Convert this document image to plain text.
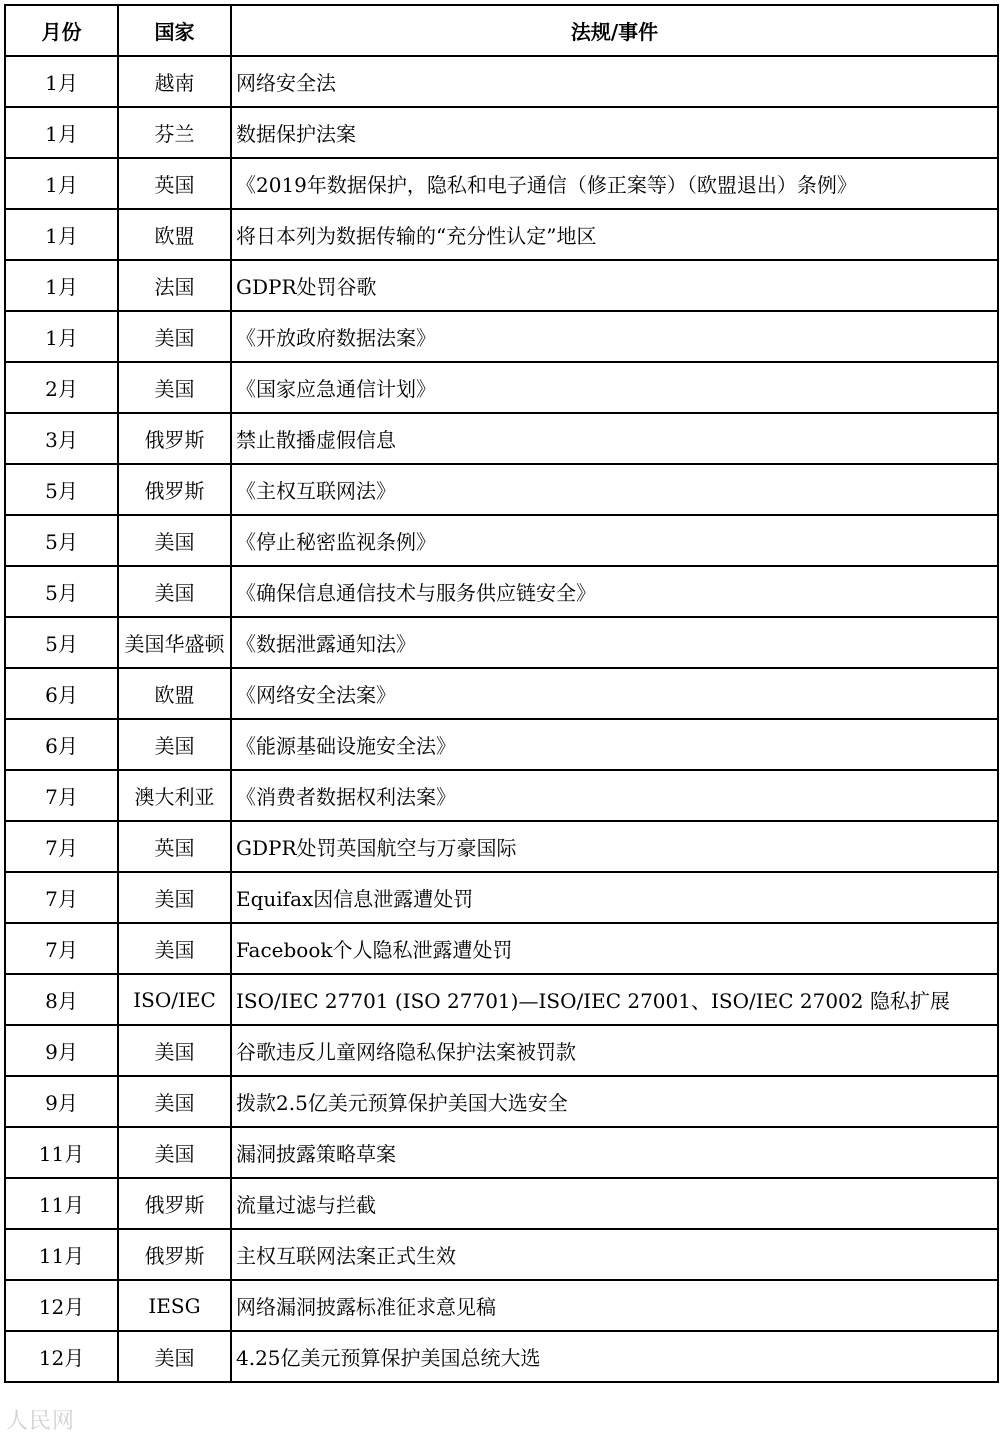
月份	国家	法规/事件
1月	越南	网络安全法
1月	芬兰	数据保护法案
1月	英国	《2019年数据保护，隐私和电子通信（修正案等）（欧盟退出）条例》
1月	欧盟	将日本列为数据传输的“充分性认定”地区
1月	法国	GDPR处罚谷歌
1月	美国	《开放政府数据法案》
2月	美国	《国家应急通信计划》
3月	俄罗斯	禁止散播虚假信息
5月	俄罗斯	《主权互联网法》
5月	美国	《停止秘密监视条例》
5月	美国	《确保信息通信技术与服务供应链安全》
5月	美国华盛顿	《数据泄露通知法》
6月	欧盟	《网络安全法案》
6月	美国	《能源基础设施安全法》
7月	澳大利亚	《消费者数据权利法案》
7月	英国	GDPR处罚英国航空与万豪国际
7月	美国	Equifax因信息泄露遭处罚
7月	美国	Facebook个人隐私泄露遭处罚
8月	ISO/IEC	ISO/IEC 27701 (ISO 27701)—ISO/IEC 27001、ISO/IEC 27002 隐私扩展
9月	美国	谷歌违反儿童网络隐私保护法案被罚款
9月	美国	拨款2.5亿美元预算保护美国大选安全
11月	美国	漏洞披露策略草案
11月	俄罗斯	流量过滤与拦截
11月	俄罗斯	主权互联网法案正式生效
12月	IESG	网络漏洞披露标准征求意见稿
12月	美国	4.25亿美元预算保护美国总统大选
人民网
